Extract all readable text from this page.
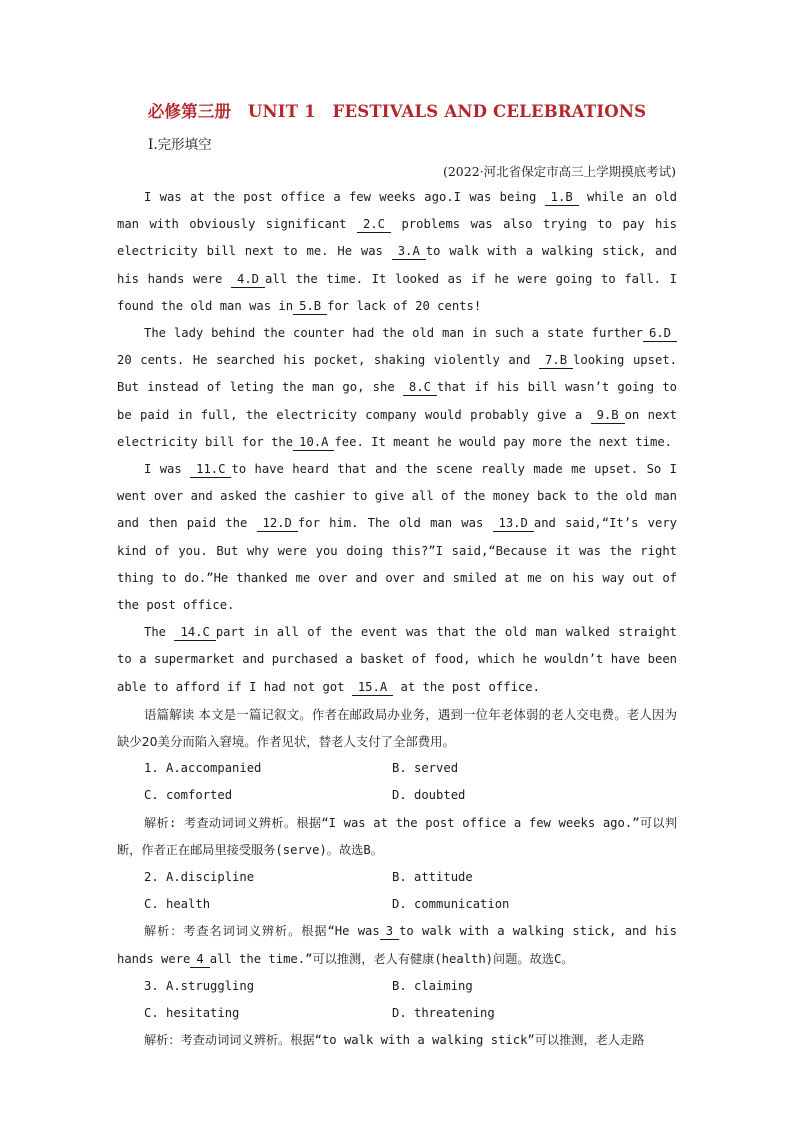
必修第三册　UNIT 1　FESTIVALS AND CELEBRATIONS
Ⅰ.完形填空
(2022·河北省保定市高三上学期摸底考试)

I was at the post office a few weeks ago.I was being 1.B while an old man with obviously significant 2.C problems was also trying to pay his electricity bill next to me. He was 3.A to walk with a walking stick, and his hands were 4.D all the time. It looked as if he were going to fall. I found the old man was in 5.B for lack of 20 cents!

The lady behind the counter had the old man in such a state further 6.D20 cents. He searched his pocket, shaking violently and 7.B looking upset. But instead of leting the man go, she 8.C that if his bill wasn’t going to be paid in full, the electricity company would probably give a 9.B on next electricity bill for the 10.A fee. It meant he would pay more the next time.

I was 11.C to have heard that and the scene really made me upset. So I went over and asked the cashier to give all of the money back to the old man and then paid the 12.D for him. The old man was 13.D and said,“It’s very kind of you. But why were you doing this?”I said,“Because it was the right thing to do.”He thanked me over and over and smiled at me on his way out of the post office.

The 14.C part in all of the event was that the old man walked straight to a supermarket and purchased a basket of food, which he wouldn’t have been able to afford if I had not got 15.A at the post office.

语篇解读 本文是一篇记叙文。作者在邮政局办业务，遇到一位年老体弱的老人交电费。老人因为缺少20美分而陷入窘境。作者见状，替老人支付了全部费用。

1. A.accompanied	B. served
C. comforted	D. doubted

解析: 考查动词词义辨析。根据“I was at the post office a few weeks ago.”可以判断，作者正在邮局里接受服务(serve)。故选B。

2. A.discipline	B. attitude
C. health	D. communication

解析：考查名词词义辨析。根据“He was 3 to walk with a walking stick, and his hands were 4 all the time.”可以推测，老人有健康(health)问题。故选C。

3. A.struggling	B. claiming
C. hesitating	D. threatening

解析：考查动词词义辨析。根据“to walk with a walking stick”可以推测，老人走路
